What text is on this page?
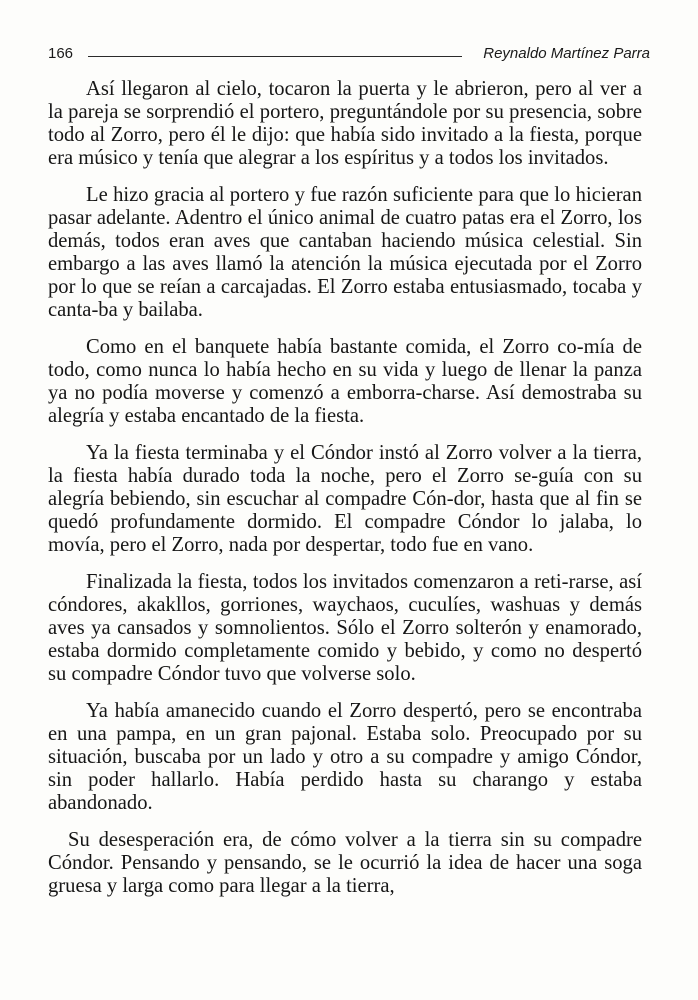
166	Reynaldo Martínez Parra

Así llegaron al cielo, tocaron la puerta y le abrieron, pero al ver a la pareja se sorprendió el portero, preguntándole por su presencia, sobre todo al Zorro, pero él le dijo: que había sido invitado a la fiesta, porque era músico y tenía que alegrar a los espíritus y a todos los invitados.

Le hizo gracia al portero y fue razón suficiente para que lo hicieran pasar adelante. Adentro el único animal de cuatro patas era el Zorro, los demás, todos eran aves que cantaban haciendo música celestial. Sin embargo a las aves llamó la atención la música ejecutada por el Zorro por lo que se reían a carcajadas. El Zorro estaba entusiasmado, tocaba y canta-ba y bailaba.

Como en el banquete había bastante comida, el Zorro co-mía de todo, como nunca lo había hecho en su vida y luego de llenar la panza ya no podía moverse y comenzó a emborra-charse. Así demostraba su alegría y estaba encantado de la fiesta.

Ya la fiesta terminaba y el Cóndor instó al Zorro volver a la tierra, la fiesta había durado toda la noche, pero el Zorro se-guía con su alegría bebiendo, sin escuchar al compadre Cón-dor, hasta que al fin se quedó profundamente dormido. El compadre Cóndor lo jalaba, lo movía, pero el Zorro, nada por despertar, todo fue en vano.

Finalizada la fiesta, todos los invitados comenzaron a reti-rarse, así cóndores, akakllos, gorriones, waychaos, cuculíes, washuas y demás aves ya cansados y somnolientos. Sólo el Zorro solterón y enamorado, estaba dormido completamente comido y bebido, y como no despertó su compadre Cóndor tuvo que volverse solo.

Ya había amanecido cuando el Zorro despertó, pero se encontraba en una pampa, en un gran pajonal. Estaba solo. Preocupado por su situación, buscaba por un lado y otro a su compadre y amigo Cóndor, sin poder hallarlo. Había perdido hasta su charango y estaba abandonado.

Su desesperación era, de cómo volver a la tierra sin su compadre Cóndor. Pensando y pensando, se le ocurrió la idea de hacer una soga gruesa y larga como para llegar a la tierra,
